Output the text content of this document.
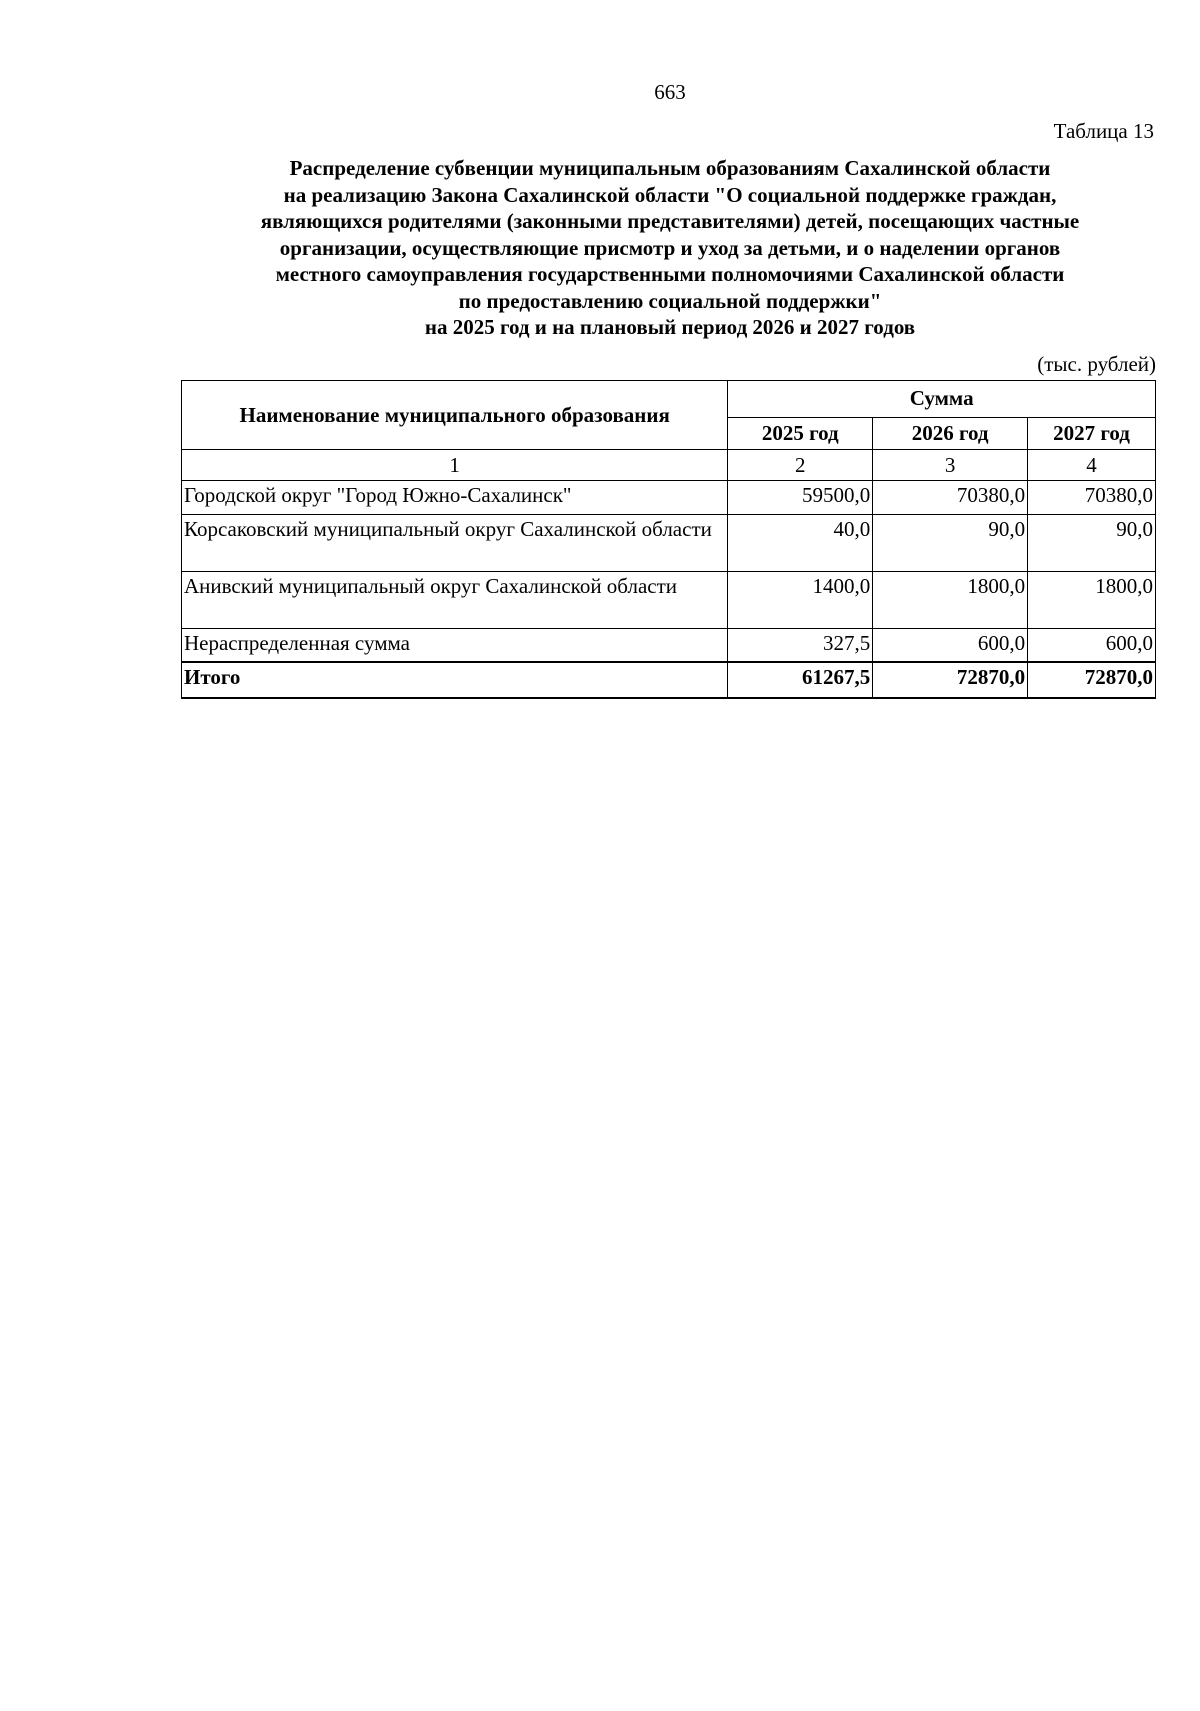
663
Таблица 13
Распределение субвенции муниципальным образованиям Сахалинской области
на реализацию Закона Сахалинской области "О социальной поддержке граждан,
являющихся родителями (законными представителями) детей, посещающих частные
организации, осуществляющие присмотр и уход за детьми, и о наделении органов
местного самоуправления государственными полномочиями Сахалинской области
по предоставлению социальной поддержки"
на 2025 год и на плановый период 2026 и 2027 годов
(тыс. рублей)
Наименование муниципального образования	Сумма		
	2025 год	2026 год	2027 год
1	2	3	4
Городской округ "Город Южно-Сахалинск"	59500,0	70380,0	70380,0
Корсаковский муниципальный округ Сахалинской области	40,0	90,0	90,0
Анивский муниципальный округ Сахалинской области	1400,0	1800,0	1800,0
Нераспределенная сумма	327,5	600,0	600,0
Итого	61267,5	72870,0	72870,0
